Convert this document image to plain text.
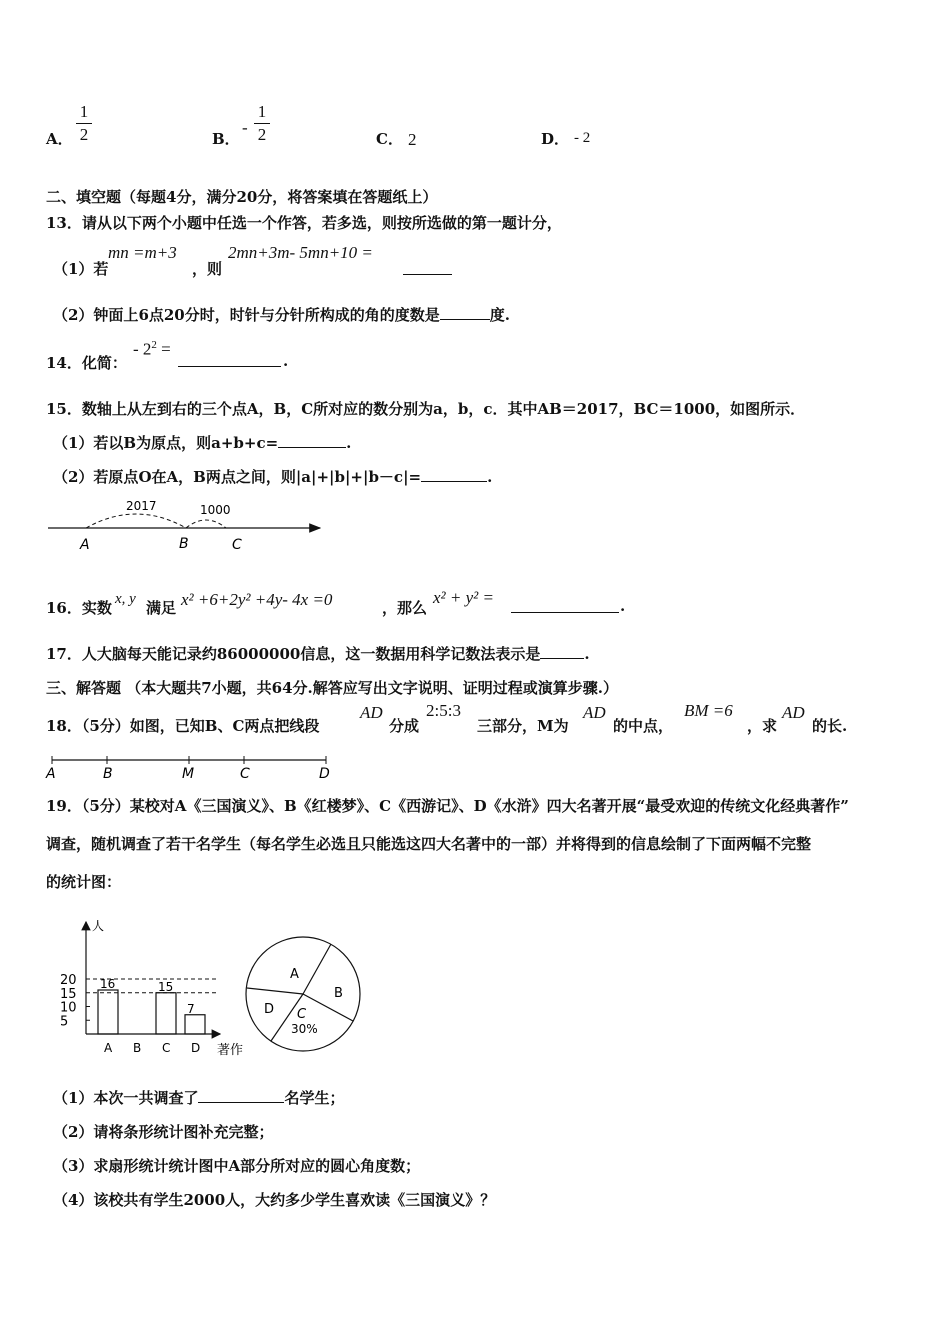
A．
1
2	B．
-
1
2	C． 2	D． - 2
二、填空题（每题4分，满分20分，将答案填在答题纸上）
13．请从以下两个小题中任选一个作答，若多选，则按所选做的第一题计分，
（1）若
mn =m+3
，则
2mn+3m- 5mn+10 =
（2）钟面上6点20分时，时针与分针所构成的角的度数是	度.
14．化简：
- $2^2$ =
.
15．数轴上从左到右的三个点A，B，C所对应的数分别为a，b，c．其中AB＝2017，BC＝1000，如图所示．
（1）若以B为原点，则a+b+c=	.
（2）若原点O在A，B两点之间，则|a|+|b|+|b－c|=	.
2017	1000
A	B	C
16．实数 x, y 满足 x² +6+2y² +4y- 4x =0	，那么
x² + y² =	.
17．人大脑每天能记录约86000000信息，这一数据用科学记数法表示是	.
三、解答题 （本大题共7小题，共64分.解答应写出文字说明、证明过程或演算步骤.）
18．（5分）如图，已知B、C两点把线段
AD
分成
2:5:3
三部分，M为
AD
的中点，
BM =6
，求
AD
的长.
A	B	M	C	D
19．（5分）某校对A《三国演义》、B《红楼梦》、C《西游记》、D《水浒》四大名著开展“最受欢迎的传统文化经典著作”
调查，随机调查了若干名学生（每名学生必选且只能选这四大名著中的一部）并将得到的信息绘制了下面两幅不完整
的统计图：
16	15
7
5
10
15
20
A B C D
人
著作
A
B
C
30%
D
（1）本次一共调查了	名学生；
（2）请将条形统计图补充完整；
（3）求扇形统计统计图中A部分所对应的圆心角度数；
（4）该校共有学生2000人，大约多少学生喜欢读《三国演义》？
